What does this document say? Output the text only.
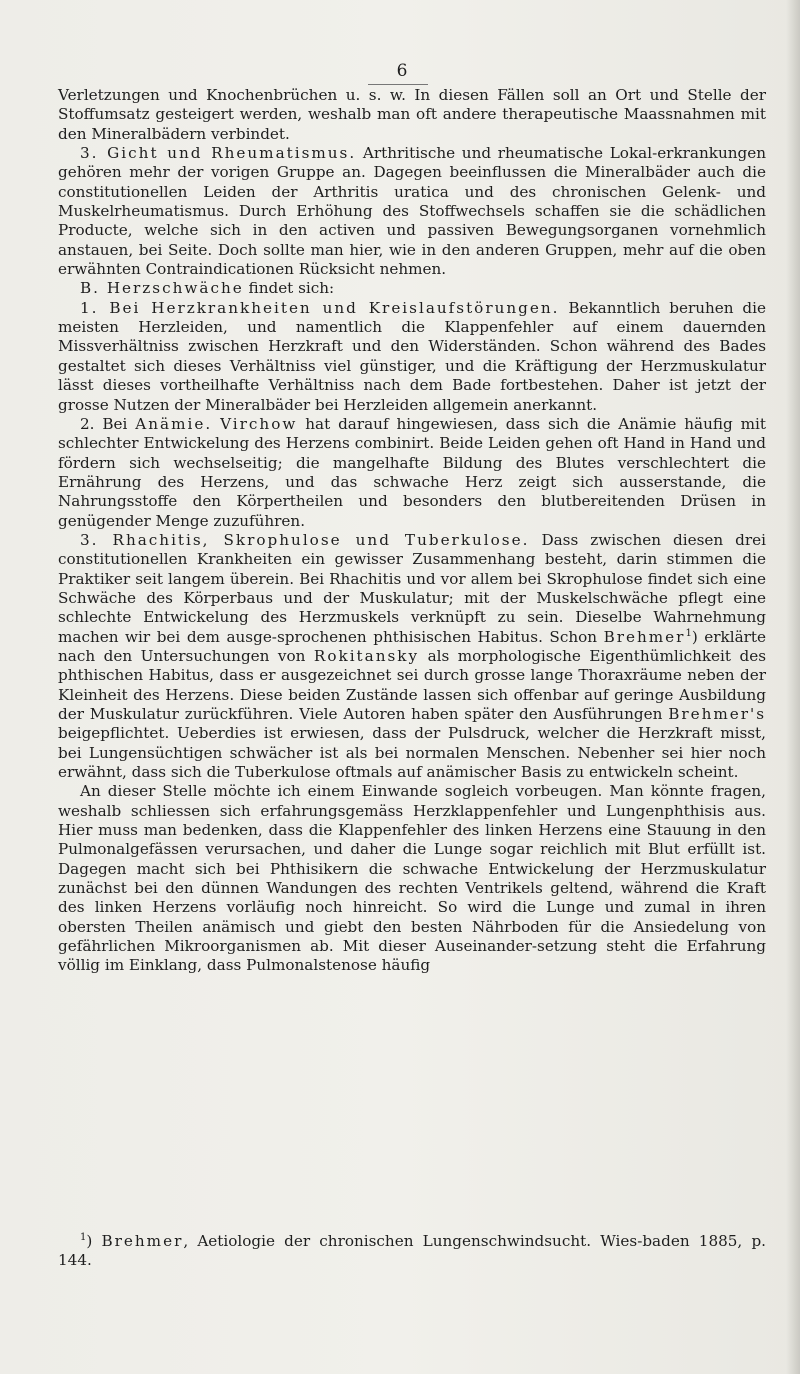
6

Verletzungen und Knochenbrüchen u. s. w. In diesen Fällen soll an Ort und Stelle der Stoffumsatz gesteigert werden, weshalb man oft andere therapeutische Maassnahmen mit den Mineralbädern verbindet.

3. Gicht und Rheumatismus. Arthritische und rheumatische Lokal-erkrankungen gehören mehr der vorigen Gruppe an. Dagegen beeinflussen die Mineralbäder auch die constitutionellen Leiden der Arthritis uratica und des chronischen Gelenk- und Muskelrheumatismus. Durch Erhöhung des Stoffwechsels schaffen sie die schädlichen Producte, welche sich in den activen und passiven Bewegungsorganen vornehmlich anstauen, bei Seite. Doch sollte man hier, wie in den anderen Gruppen, mehr auf die oben erwähnten Contraindicationen Rücksicht nehmen.

B. Herzschwäche findet sich:

1. Bei Herzkrankheiten und Kreislaufstörungen. Bekanntlich beruhen die meisten Herzleiden, und namentlich die Klappenfehler auf einem dauernden Missverhältniss zwischen Herzkraft und den Widerständen. Schon während des Bades gestaltet sich dieses Verhältniss viel günstiger, und die Kräftigung der Herzmuskulatur lässt dieses vortheilhafte Verhältniss nach dem Bade fortbestehen. Daher ist jetzt der grosse Nutzen der Mineralbäder bei Herzleiden allgemein anerkannt.

2. Bei Anämie. Virchow hat darauf hingewiesen, dass sich die Anämie häufig mit schlechter Entwickelung des Herzens combinirt. Beide Leiden gehen oft Hand in Hand und fördern sich wechselseitig; die mangelhafte Bildung des Blutes verschlechtert die Ernährung des Herzens, und das schwache Herz zeigt sich ausserstande, die Nahrungsstoffe den Körpertheilen und besonders den blutbereitenden Drüsen in genügender Menge zuzuführen.

3. Rhachitis, Skrophulose und Tuberkulose. Dass zwischen diesen drei constitutionellen Krankheiten ein gewisser Zusammenhang besteht, darin stimmen die Praktiker seit langem überein. Bei Rhachitis und vor allem bei Skrophulose findet sich eine Schwäche des Körperbaus und der Muskulatur; mit der Muskelschwäche pflegt eine schlechte Entwickelung des Herzmuskels verknüpft zu sein. Dieselbe Wahrnehmung machen wir bei dem ausge-sprochenen phthisischen Habitus. Schon Brehmer$^1$) erklärte nach den Untersuchungen von Rokitansky als morphologische Eigenthümlichkeit des phthischen Habitus, dass er ausgezeichnet sei durch grosse lange Thoraxräume neben der Kleinheit des Herzens. Diese beiden Zustände lassen sich offenbar auf geringe Ausbildung der Muskulatur zurückführen. Viele Autoren haben später den Ausführungen Brehmer's beigepflichtet. Ueberdies ist erwiesen, dass der Pulsdruck, welcher die Herzkraft misst, bei Lungensüchtigen schwächer ist als bei normalen Menschen. Nebenher sei hier noch erwähnt, dass sich die Tuberkulose oftmals auf anämischer Basis zu entwickeln scheint.

An dieser Stelle möchte ich einem Einwande sogleich vorbeugen. Man könnte fragen, weshalb schliessen sich erfahrungsgemäss Herzklappenfehler und Lungenphthisis aus. Hier muss man bedenken, dass die Klappenfehler des linken Herzens eine Stauung in den Pulmonalgefässen verursachen, und daher die Lunge sogar reichlich mit Blut erfüllt ist. Dagegen macht sich bei Phthisikern die schwache Entwickelung der Herzmuskulatur zunächst bei den dünnen Wandungen des rechten Ventrikels geltend, während die Kraft des linken Herzens vorläufig noch hinreicht. So wird die Lunge und zumal in ihren obersten Theilen anämisch und giebt den besten Nährboden für die Ansiedelung von gefährlichen Mikroorganismen ab. Mit dieser Auseinander-setzung steht die Erfahrung völlig im Einklang, dass Pulmonalstenose häufig

$^1$) Brehmer, Aetiologie der chronischen Lungenschwindsucht. Wies-baden 1885, p. 144.
